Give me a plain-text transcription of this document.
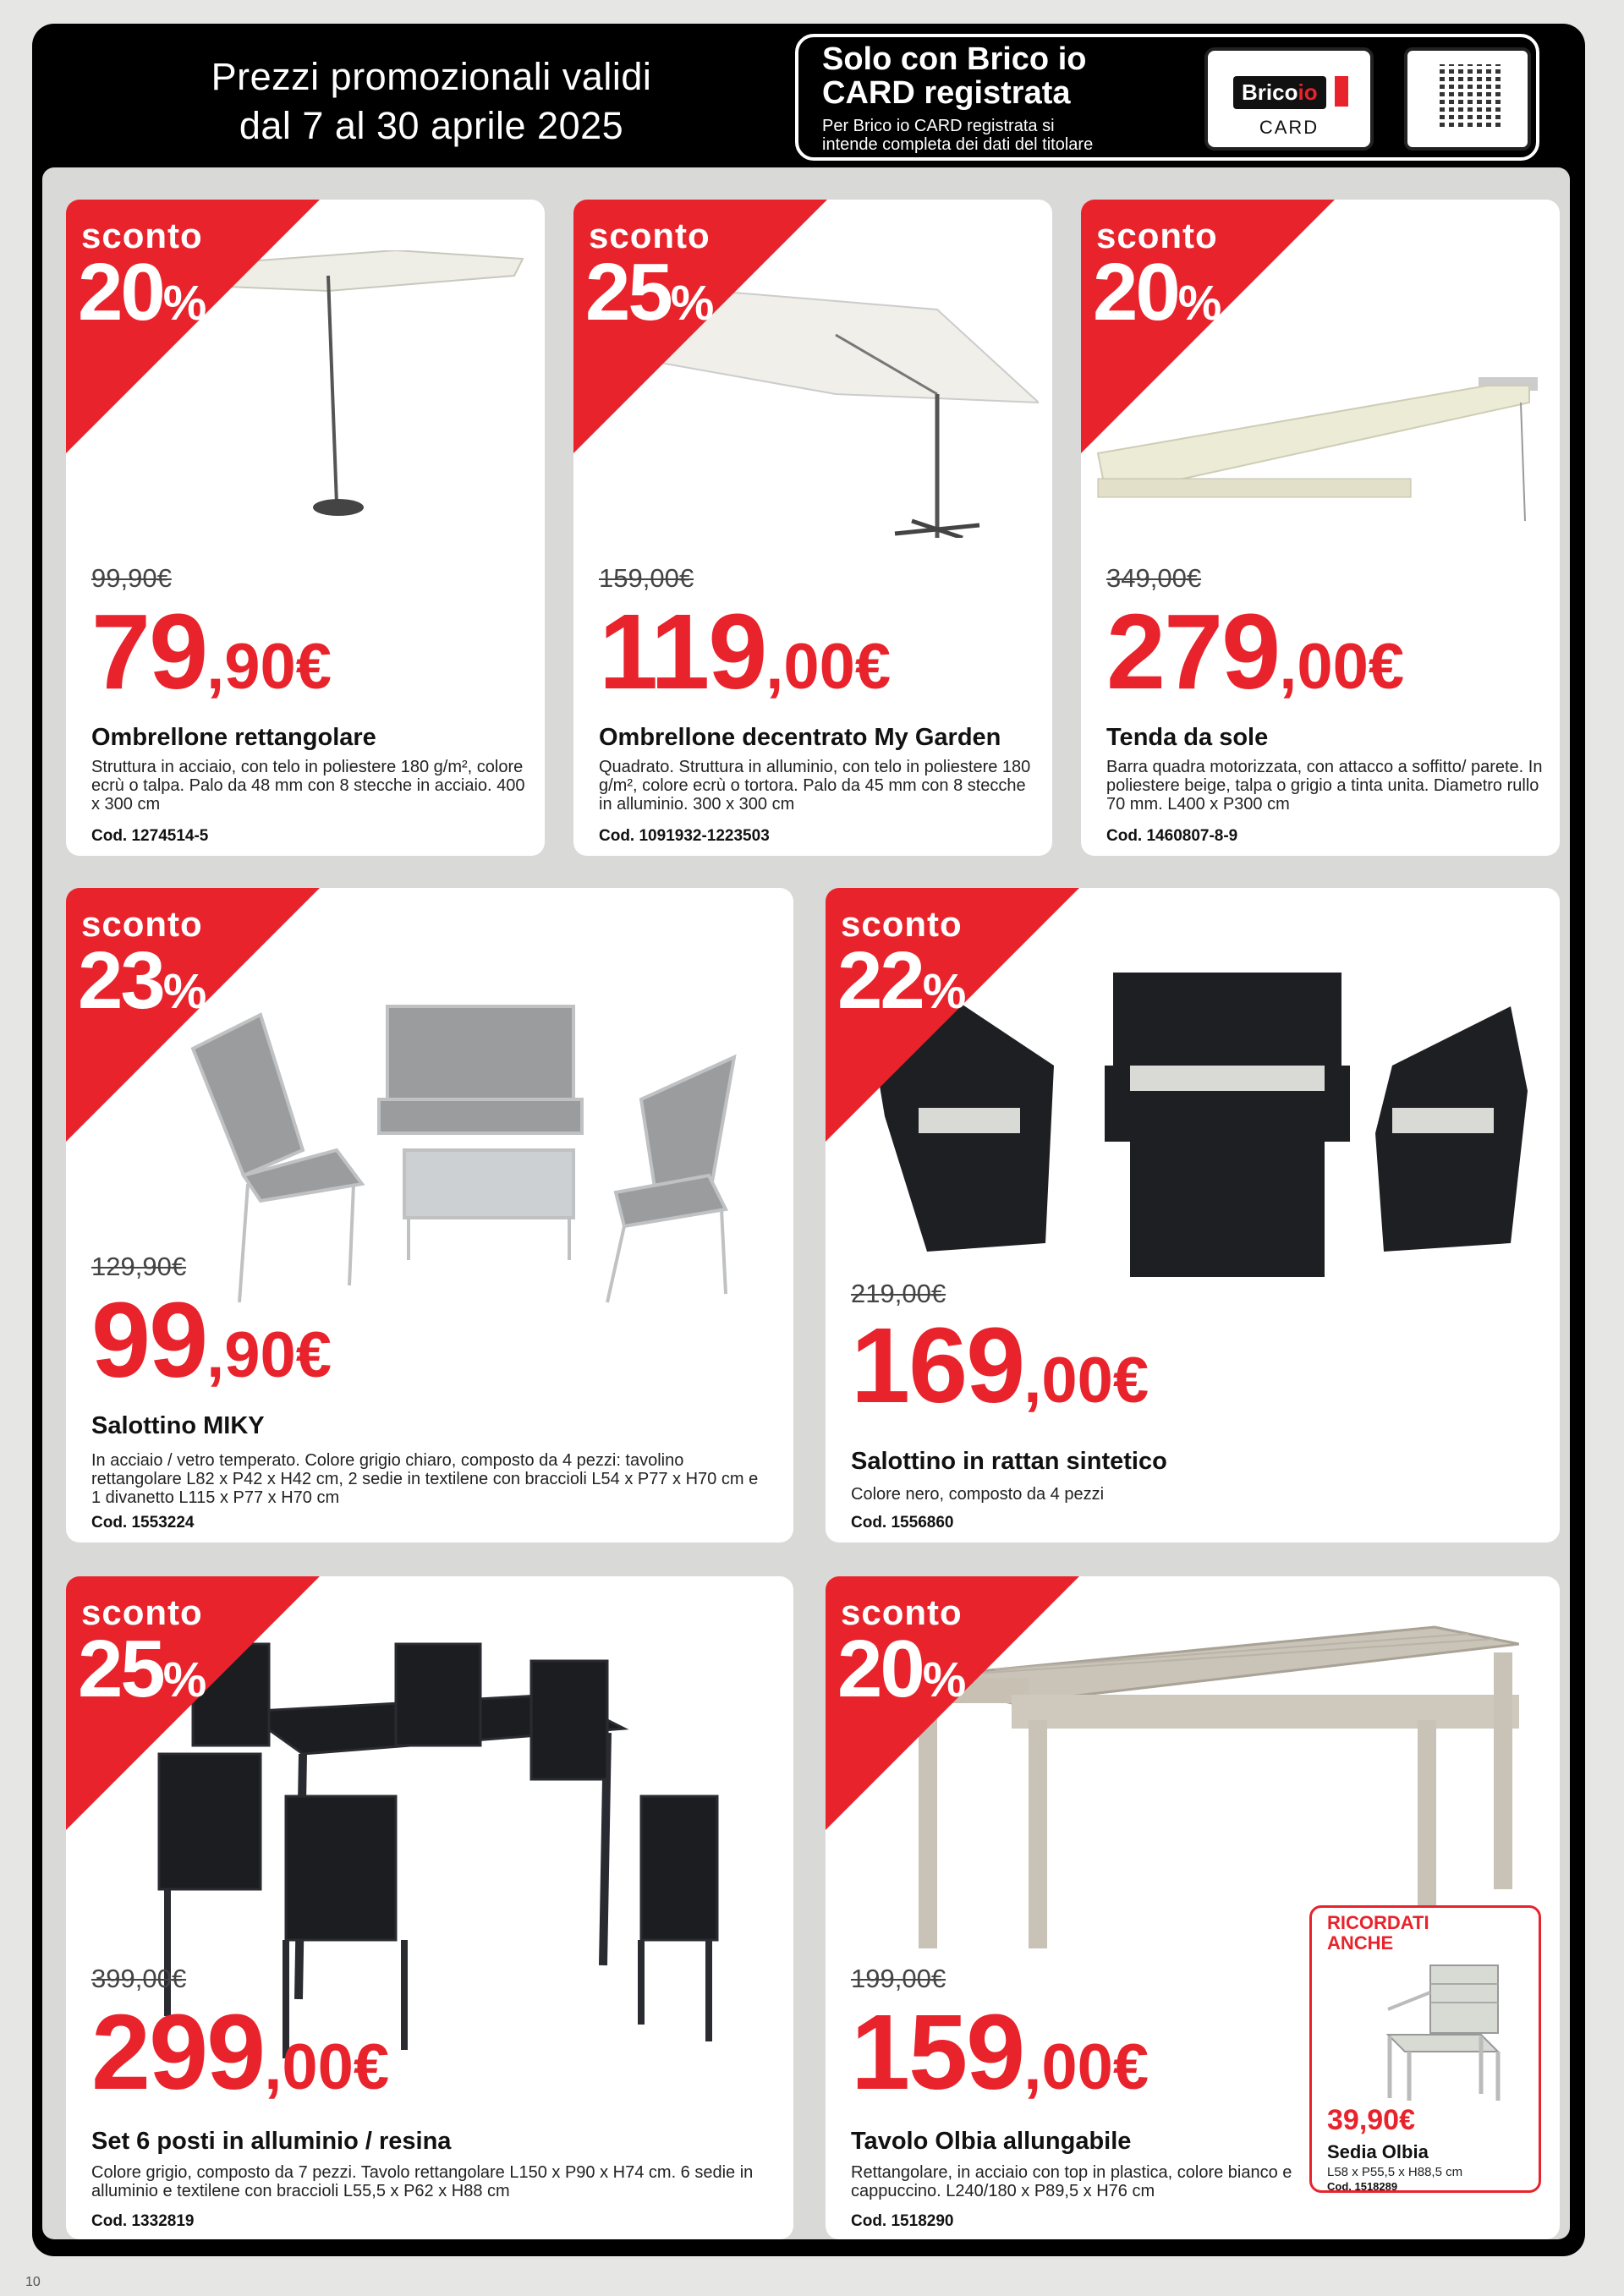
Prezzi promozionali validi
dal 7 al 30 aprile 2025
Solo con Brico io
CARD registrata
Per Brico io CARD registrata si
intende completa dei dati del titolare
Bricoio
CARD
sconto
20%
99,90€
79,90€
Ombrellone rettangolare
Struttura in acciaio, con telo in poliestere 180 g/m², colore ecrù o talpa. Palo da 48 mm con 8 stecche in acciaio. 400 x 300 cm
Cod. 1274514-5
sconto
25%
159,00€
119,00€
Ombrellone decentrato My Garden
Quadrato. Struttura in alluminio, con telo in poliestere 180 g/m², colore ecrù o tortora. Palo da 45 mm con 8 stecche in alluminio. 300 x 300 cm
Cod. 1091932-1223503
sconto
20%
349,00€
279,00€
Tenda da sole
Barra quadra motorizzata, con attacco a soffitto/ parete. In poliestere beige, talpa o grigio a tinta unita. Diametro rullo 70 mm. L400 x P300 cm
Cod. 1460807-8-9
sconto
23%
129,90€
99,90€
Salottino MIKY
In acciaio / vetro temperato. Colore grigio chiaro, composto da 4 pezzi: tavolino rettangolare L82 x P42 x H42 cm, 2 sedie in textilene con braccioli L54 x P77 x H70 cm e 1 divanetto L115 x P77 x H70 cm
Cod. 1553224
sconto
22%
219,00€
169,00€
Salottino in rattan sintetico
Colore nero, composto da 4 pezzi
Cod. 1556860
sconto
25%
399,00€
299,00€
Set 6 posti in alluminio / resina
Colore grigio, composto da 7 pezzi. Tavolo rettangolare L150 x P90 x H74 cm. 6 sedie in alluminio e textilene con braccioli L55,5 x P62 x H88 cm
Cod. 1332819
sconto
20%
199,00€
159,00€
Tavolo Olbia allungabile
Rettangolare, in acciaio con top in plastica, colore bianco e cappuccino. L240/180 x P89,5 x H76 cm
Cod. 1518290
RICORDATI
ANCHE
39,90€
Sedia Olbia
L58 x P55,5 x H88,5 cm
Cod. 1518289
10
